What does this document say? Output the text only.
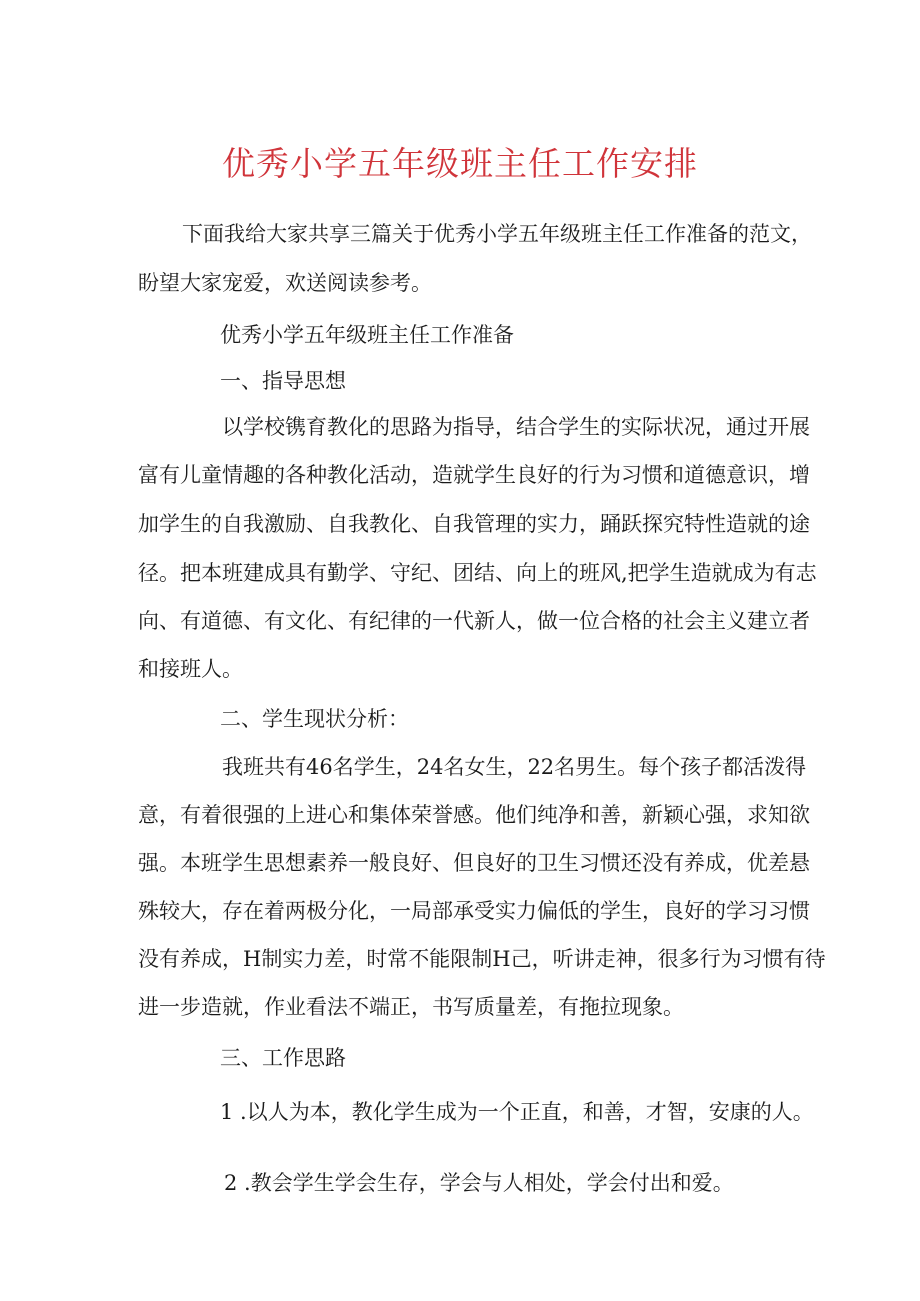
优秀小学五年级班主任工作安排
下面我给大家共享三篇关于优秀小学五年级班主任工作准备的范文，
盼望大家宠爱，欢送阅读参考。
优秀小学五年级班主任工作准备
一、指导思想
以学校镌育教化的思路为指导，结合学生的实际状况，通过开展
富有儿童情趣的各种教化活动，造就学生良好的行为习惯和道德意识，增
加学生的自我激励、自我教化、自我管理的实力，踊跃探究特性造就的途
径。把本班建成具有勤学、守纪、团结、向上的班风,把学生造就成为有志
向、有道德、有文化、有纪律的一代新人，做一位合格的社会主义建立者
和接班人。
二、学生现状分析：
我班共有46名学生，24名女生，22名男生。每个孩子都活泼得
意，有着很强的上进心和集体荣誉感。他们纯净和善，新颖心强，求知欲
强。本班学生思想素养一般良好、但良好的卫生习惯还没有养成，优差悬
殊较大，存在着两极分化，一局部承受实力偏低的学生，良好的学习习惯
没有养成，H制实力差，时常不能限制H己，听讲走神，很多行为习惯有待
进一步造就，作业看法不端正，书写质量差，有拖拉现象。
三、工作思路
1 .以人为本，教化学生成为一个正直，和善，才智，安康的人。
2 .教会学生学会生存，学会与人相处，学会付出和爱。
